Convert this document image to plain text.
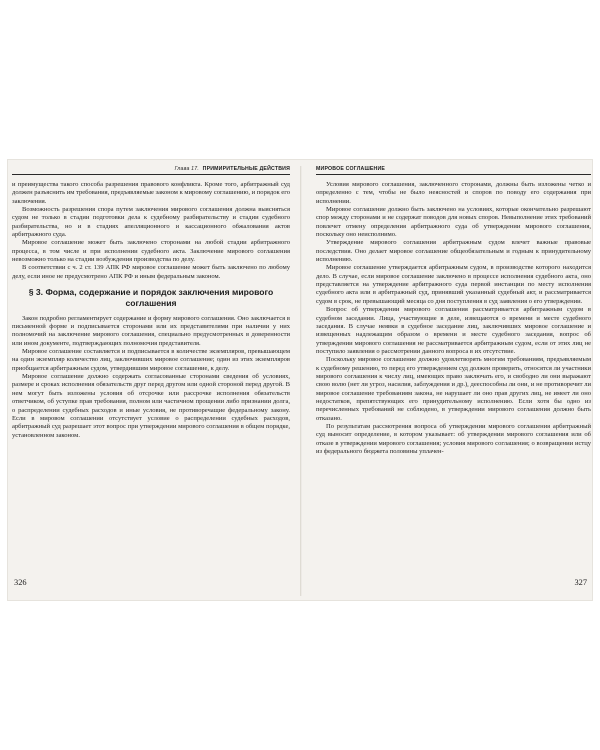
Глава 17. ПРИМИРИТЕЛЬНЫЕ ДЕЙСТВИЯ

и преимущества такого способа разрешения правового конфликта. Кроме того, арбитражный суд должен разъяснить им требования, предъявляемые законом к мировому соглашению, и порядок его заключения.

Возможность разрешения спора путем заключения мирового соглашения должна выясняться судом не только в стадии подготовки дела к судебному разбирательству и стадии судебного разбирательства, но и в стадиях апелляционного и кассационного обжалования актов арбитражного суда.

Мировое соглашение может быть заключено сторонами на любой стадии арбитражного процесса, в том числе и при исполнении судебного акта. Заключение мирового соглашения невозможно только на стадии возбуждения производства по делу.

В соответствии с ч. 2 ст. 139 АПК РФ мировое соглашение может быть заключено по любому делу, если иное не предусмотрено АПК РФ и иным федеральным законом.

§ 3. Форма, содержание и порядок заключения мирового соглашения

Закон подробно регламентирует содержание и форму мирового соглашения. Оно заключается в письменной форме и подписывается сторонами или их представителями при наличии у них полномочий на заключение мирового соглашения, специально предусмотренных в доверенности или ином документе, подтверждающих полномочия представителя.

Мировое соглашение составляется и подписывается в количестве экземпляров, превышающем на один экземпляр количество лиц, заключивших мировое соглашение; один из этих экземпляров приобщается арбитражным судом, утвердившим мировое соглашение, к делу.

Мировое соглашение должно содержать согласованные сторонами сведения об условиях, размере и сроках исполнения обязательств друг перед другом или одной стороной перед другой. В нем могут быть изложены условия об отсрочке или рассрочке исполнения обязательств ответчиком, об уступке прав требования, полном или частичном прощении либо признании долга, о распределении судебных расходов и иные условия, не противоречащие федеральному закону. Если в мировом соглашении отсутствует условие о распределении судебных расходов, арбитражный суд разрешает этот вопрос при утверждении мирового соглашения в общем порядке, установленном законом.

326
МИРОВОЕ СОГЛАШЕНИЕ

Условия мирового соглашения, заключенного сторонами, должны быть изложены четко и определенно с тем, чтобы не было неясностей и споров по поводу его содержания при исполнении.

Мировое соглашение должно быть заключено на условиях, которые окончательно разрешают спор между сторонами и не содержат поводов для новых споров. Невыполнение этих требований повлечет отмену определения арбитражного суда об утверждении мирового соглашения, поскольку оно неисполнимо.

Утверждение мирового соглашения арбитражным судом влечет важные правовые последствия. Оно делает мировое соглашение общеобязательным и годным к принудительному исполнению.

Мировое соглашение утверждается арбитражным судом, в производстве которого находится дело. В случае, если мировое соглашение заключено в процессе исполнения судебного акта, оно представляется на утверждение арбитражного суда первой инстанции по месту исполнения судебного акта или в арбитражный суд, принявший указанный судебный акт, и рассматривается судом в срок, не превышающий месяца со дня поступления в суд заявления о его утверждении.

Вопрос об утверждении мирового соглашения рассматривается арбитражным судом в судебном заседании. Лица, участвующие в деле, извещаются о времени и месте судебного заседания. В случае неявки в судебное заседание лиц, заключивших мировое соглашение и извещенных надлежащим образом о времени и месте судебного заседания, вопрос об утверждении мирового соглашения не рассматривается арбитражным судом, если от этих лиц не поступило заявления о рассмотрении данного вопроса в их отсутствие.

Поскольку мировое соглашение должно удовлетворять многим требованиям, предъявляемым к судебному решению, то перед его утверждением суд должен проверить, относятся ли участники мирового соглашения к числу лиц, имеющих право заключать его, и свободно ли они выражают свою волю (нет ли угроз, насилия, заблуждения и др.), дееспособны ли они, и не противоречит ли мировое соглашение требованиям закона, не нарушает ли оно прав других лиц, не имеет ли оно недостатков, препятствующих его принудительному исполнению. Если хотя бы одно из перечисленных требований не соблюдено, в утверждении мирового соглашения должно быть отказано.

По результатам рассмотрения вопроса об утверждении мирового соглашения арбитражный суд выносит определение, в котором указывает: об утверждении мирового соглашения или об отказе в утверждении мирового соглашения; условия мирового соглашения; о возвращении истцу из федерального бюджета половины уплачен-

327
